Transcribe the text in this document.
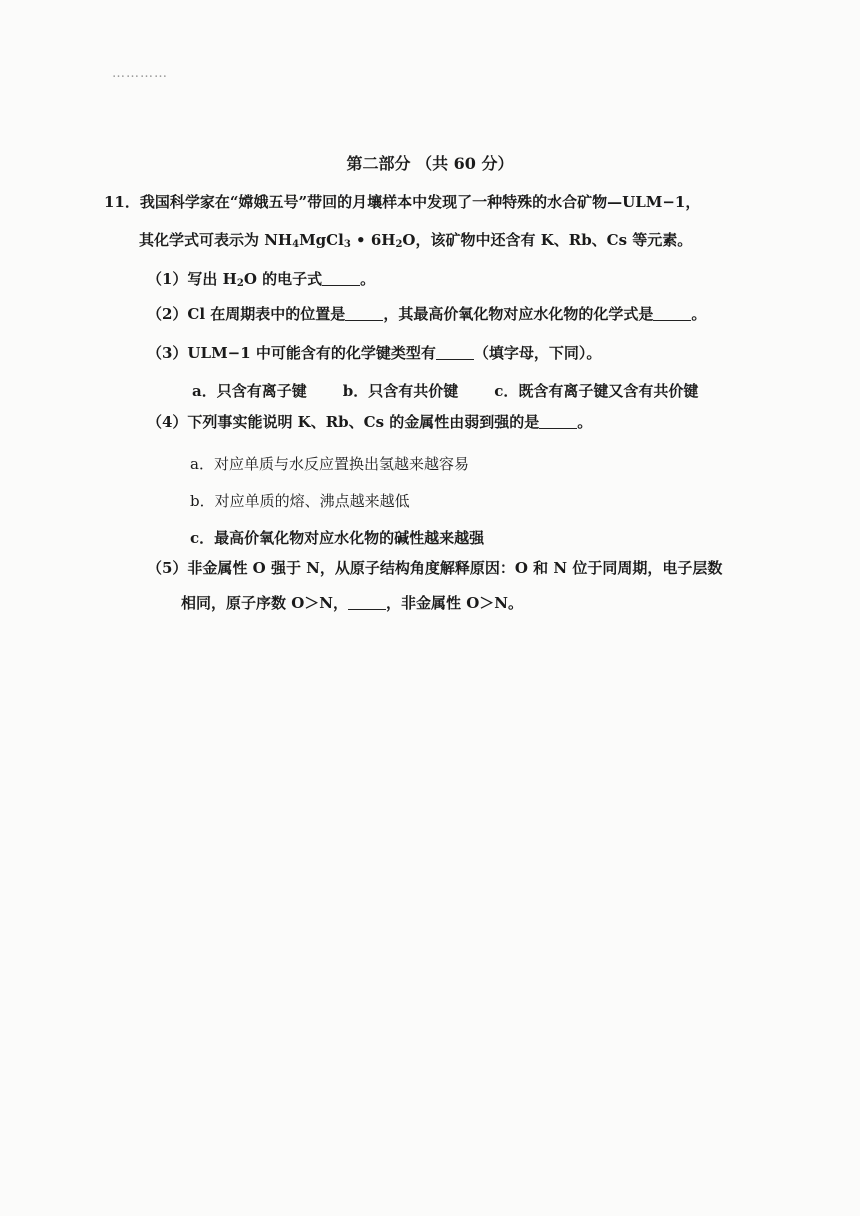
…………
第二部分 （共 60 分）
11．我国科学家在“嫦娥五号”带回的月壤样本中发现了一种特殊的水合矿物—ULM−1，
其化学式可表示为 $NH_4MgCl_3$ • $6H_2O$，该矿物中还含有 K、Rb、Cs 等元素。
（1）写出 $H_2O$ 的电子式	。
（2）Cl 在周期表中的位置是	，其最高价氧化物对应水化物的化学式是	。
（3）ULM−1 中可能含有的化学键类型有	（填字母，下同）。
a．只含有离子键 b．只含有共价键 c．既含有离子键又含有共价键
（4）下列事实能说明 K、Rb、Cs 的金属性由弱到强的是	。
a．对应单质与水反应置换出氢越来越容易
b．对应单质的熔、沸点越来越低
c．最高价氧化物对应水化物的碱性越来越强
（5）非金属性 O 强于 N，从原子结构角度解释原因：O 和 N 位于同周期，电子层数
相同，原子序数 O＞N，	，非金属性 O＞N。
